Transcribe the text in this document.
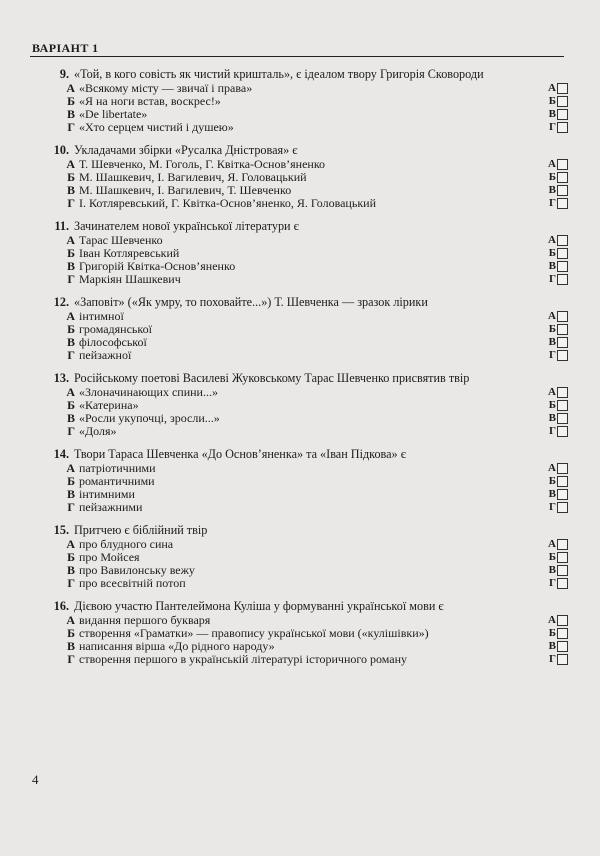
ВАРІАНТ 1
9. «Той, в кого совість як чистий кришталь», є ідеалом твору Григорія Сковороди
А «Всякому місту — звичаї і права»	А
Б «Я на ноги встав, воскрес!»	Б
В «De libertate»	В
Г «Хто серцем чистий і душею»	Г
10. Укладачами збірки «Русалка Дністровая» є
А Т. Шевченко, М. Гоголь, Г. Квітка-Основ’яненко	А
Б М. Шашкевич, І. Вагилевич, Я. Головацький	Б
В М. Шашкевич, І. Вагилевич, Т. Шевченко	В
Г І. Котляревський, Г. Квітка-Основ’яненко, Я. Головацький	Г
11. Зачинателем нової української літератури є
А Тарас Шевченко	А
Б Іван Котляревський	Б
В Григорій Квітка-Основ’яненко	В
Г Маркіян Шашкевич	Г
12. «Заповіт» («Як умру, то поховайте...») Т. Шевченка — зразок лірики
А інтимної	А
Б громадянської	Б
В філософської	В
Г пейзажної	Г
13. Російському поетові Василеві Жуковському Тарас Шевченко присвятив твір
А «Злоначинающих спини...»	А
Б «Катерина»	Б
В «Росли укупочці, зросли...»	В
Г «Доля»	Г
14. Твори Тараса Шевченка «До Основ’яненка» та «Іван Підкова» є
А патріотичними	А
Б романтичними	Б
В інтимними	В
Г пейзажними	Г
15. Притчею є біблійний твір
А про блудного сина	А
Б про Мойсея	Б
В про Вавилонську вежу	В
Г про всесвітній потоп	Г
16. Дієвою участю Пантелеймона Куліша у формуванні української мови є
А видання першого букваря	А
Б створення «Граматки» — правопису української мови («кулішівки»)	Б
В написання вірша «До рідного народу»	В
Г створення першого в українській літературі історичного роману	Г
4
